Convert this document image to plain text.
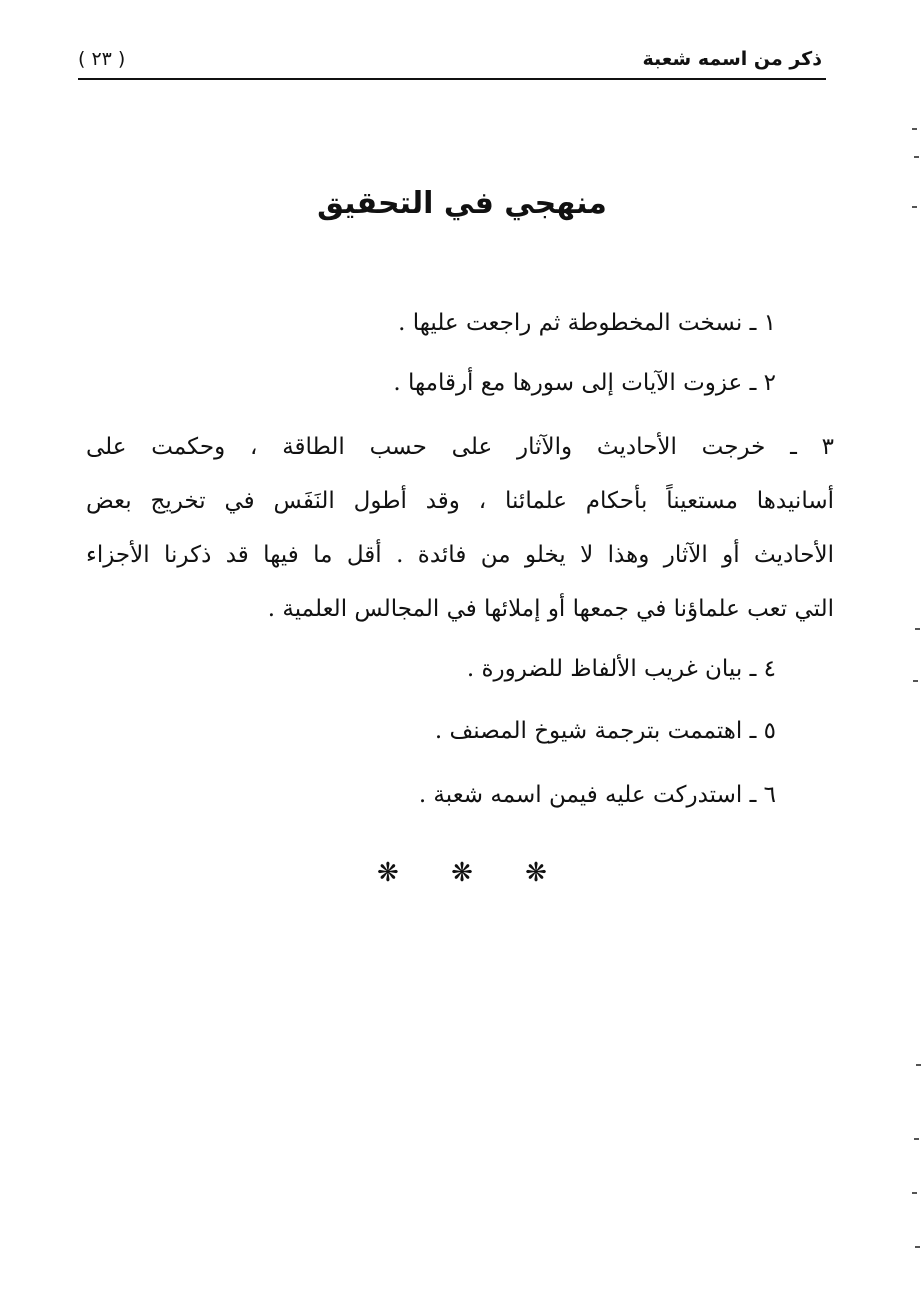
ذكر من اسمه شعبة
( ٢٣ )
منهجي في التحقيق
١ ـ نسخت المخطوطة ثم راجعت عليها .
٢ ـ عزوت الآيات إلى سورها مع أرقامها .
٣ ـ خرجت الأحاديث والآثار على حسب الطاقة ، وحكمت على
أسانيدها مستعيناً بأحكام علمائنا ، وقد أطول النَفَس في تخريج بعض
الأحاديث أو الآثار وهذا لا يخلو من فائدة . أقل ما فيها قد ذكرنا الأجزاء
التي تعب علماؤنا في جمعها أو إملائها في المجالس العلمية .
٤ ـ بيان غريب الألفاظ للضرورة .
٥ ـ اهتممت بترجمة شيوخ المصنف .
٦ ـ استدركت عليه فيمن اسمه شعبة .
❋ ❋ ❋
